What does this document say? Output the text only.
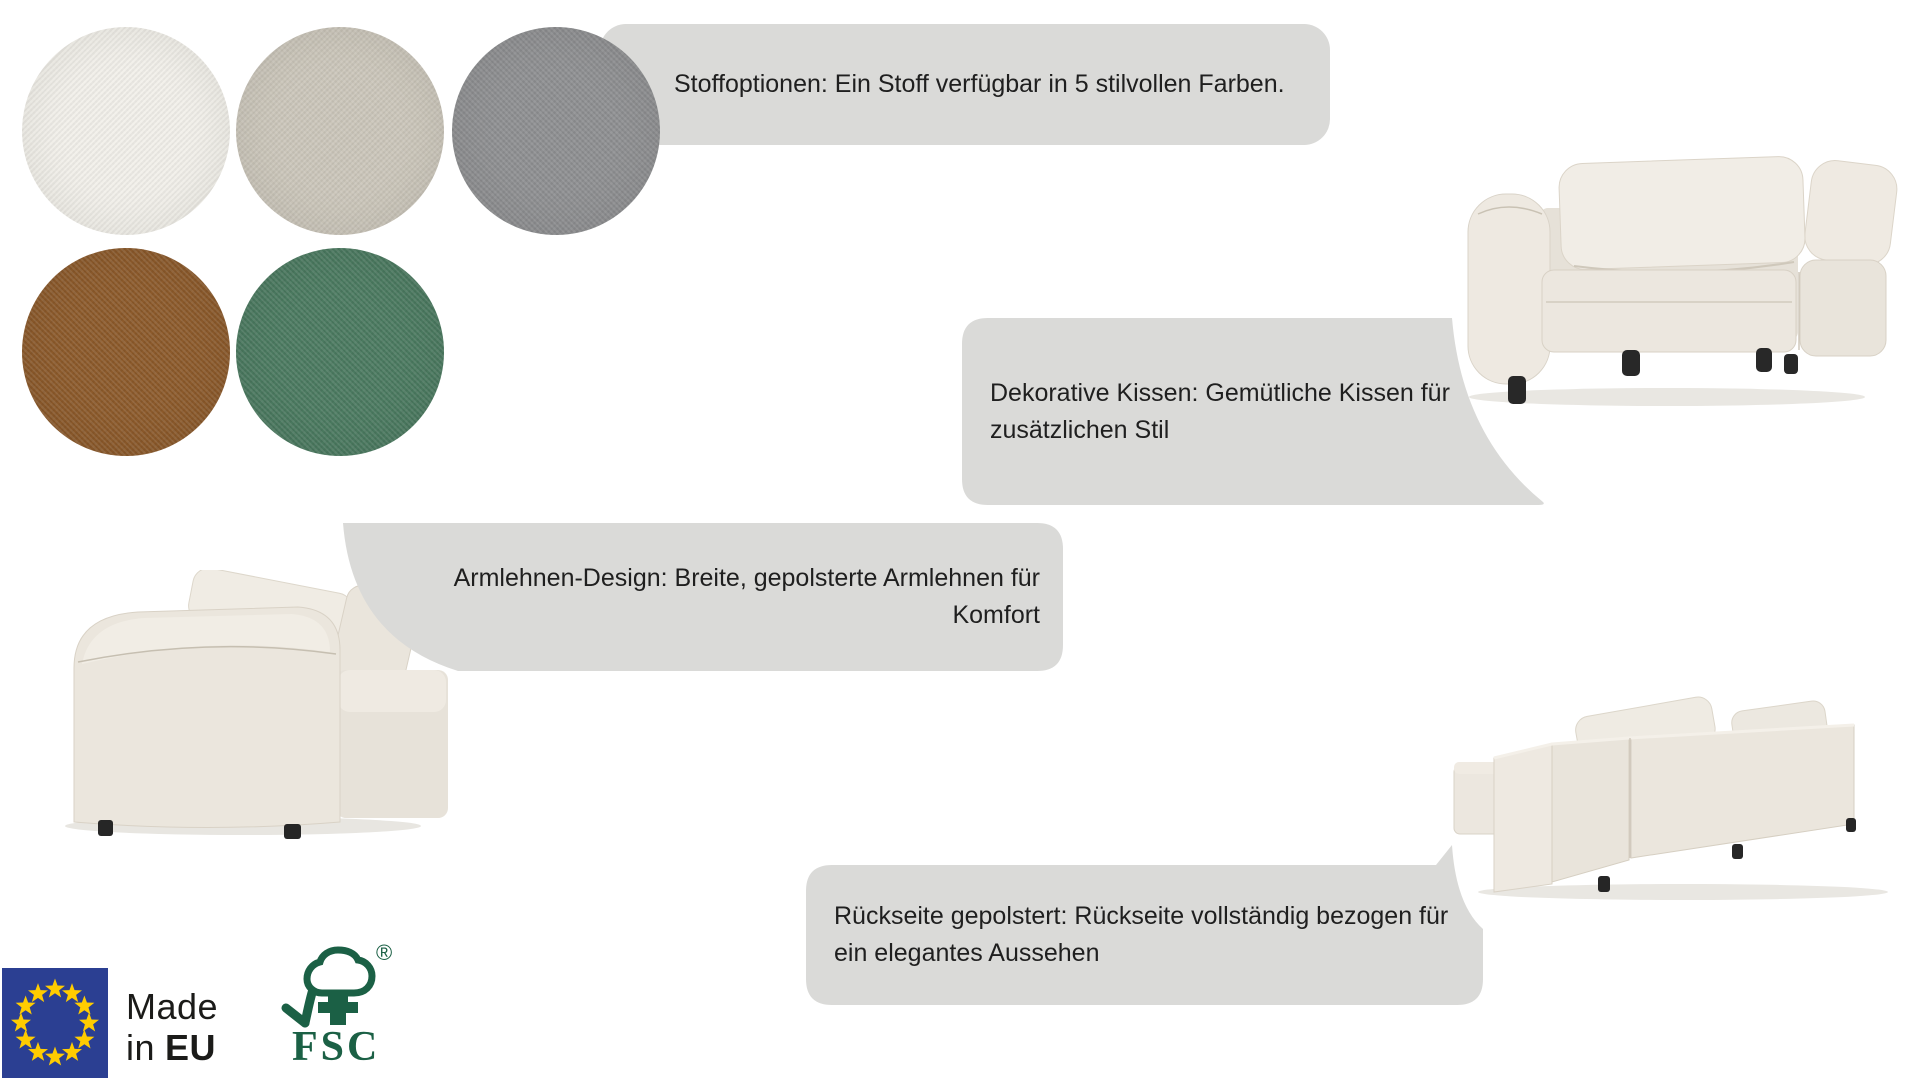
Stoffoptionen: Ein Stoff verfügbar in 5 stilvollen Farben.
Dekorative Kissen: Gemütliche Kissen für
zusätzlichen Stil
Armlehnen-Design: Breite, gepolsterte Armlehnen für
Komfort
Rückseite gepolstert: Rückseite vollständig bezogen für
ein elegantes Aussehen
Made
in EU
®
FSC
